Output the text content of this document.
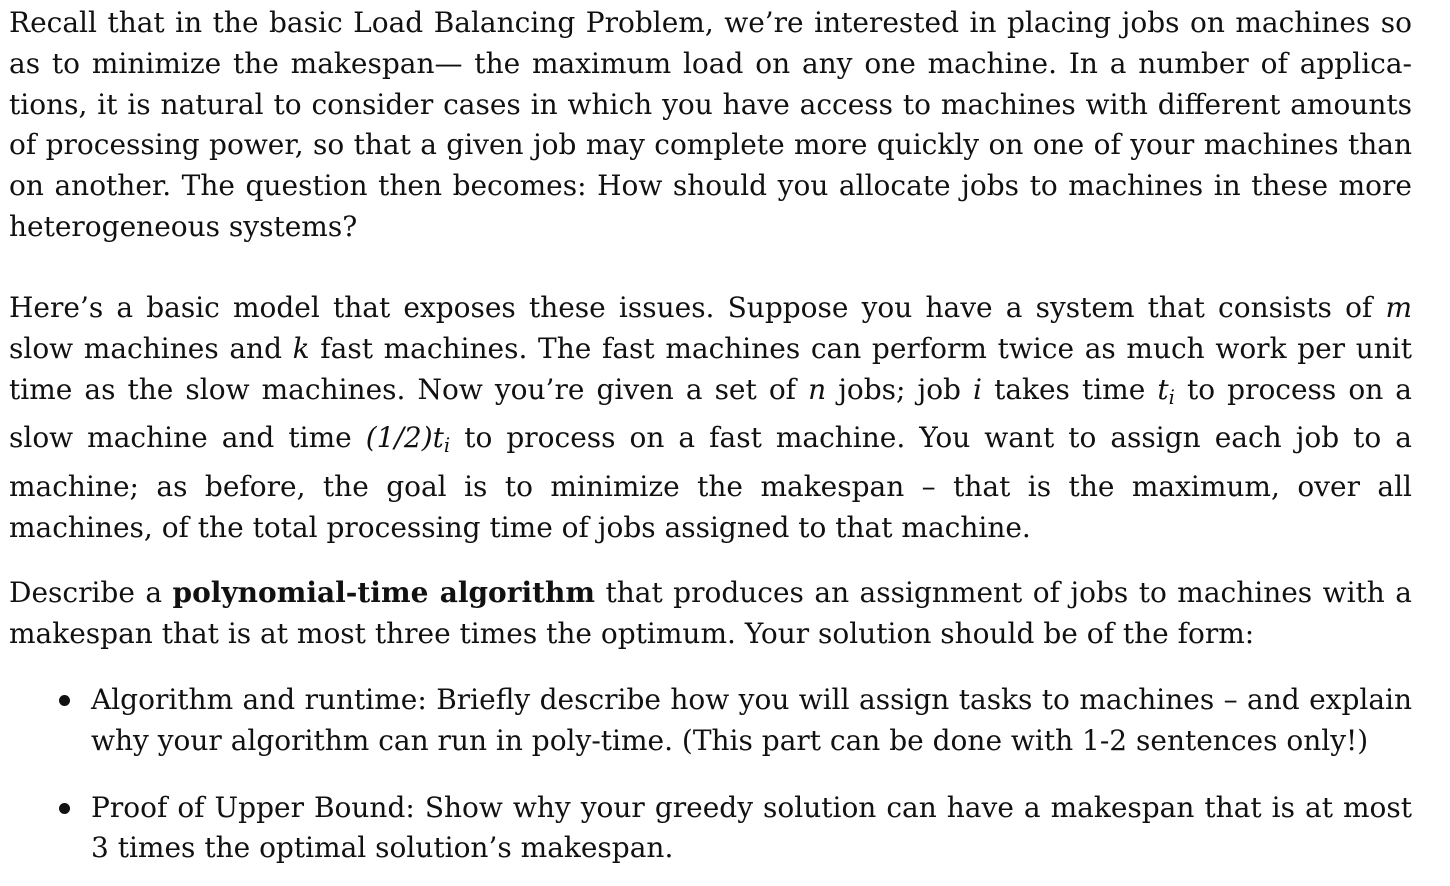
Recall that in the basic Load Balancing Problem, we’re interested in placing jobs on machines so as to minimize the makespan— the maximum load on any one machine. In a number of applications, it is natural to consider cases in which you have access to machines with different amounts of processing power, so that a given job may complete more quickly on one of your machines than on another. The question then becomes: How should you allocate jobs to machines in these more heterogeneous systems?

Here’s a basic model that exposes these issues. Suppose you have a system that consists of m slow machines and k fast machines. The fast machines can perform twice as much work per unit time as the slow machines. Now you’re given a set of n jobs; job i takes time $t_i$ to process on a slow machine and time $(1/2)t_i$ to process on a fast machine. You want to assign each job to a machine; as before, the goal is to minimize the makespan – that is the maximum, over all machines, of the total processing time of jobs assigned to that machine.

Describe a polynomial-time algorithm that produces an assignment of jobs to machines with a makespan that is at most three times the optimum. Your solution should be of the form:

Algorithm and runtime: Briefly describe how you will assign tasks to machines – and explain why your algorithm can run in poly-time. (This part can be done with 1-2 sentences only!)
Proof of Upper Bound: Show why your greedy solution can have a makespan that is at most 3 times the optimal solution’s makespan.
